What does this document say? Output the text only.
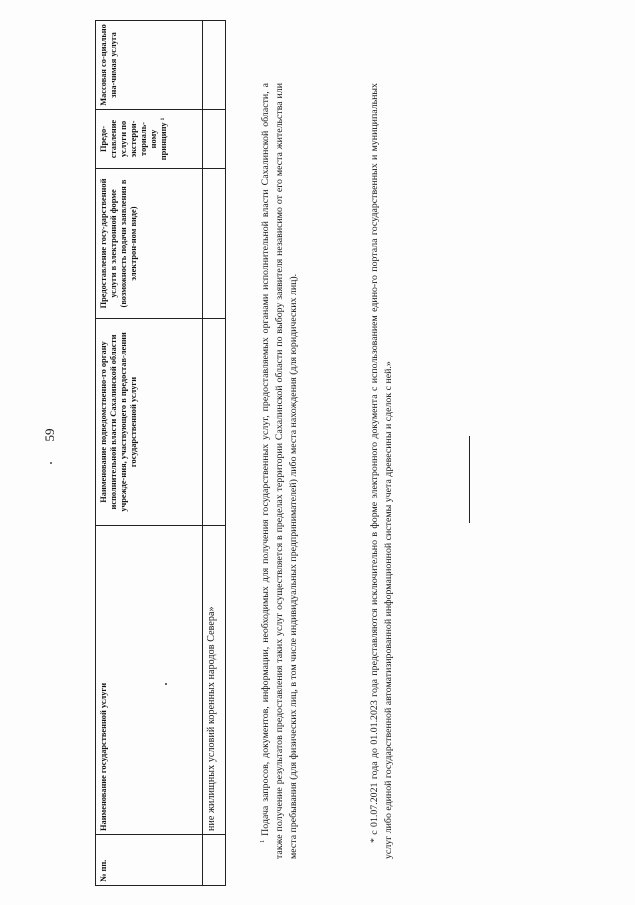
59
№ пп.	Наименование государственной услуги	Наименование подведомственно-го органу исполнительной власти Сахалинской области учрежде-ния, участвующего в предостав-лении государственной услуги	Предоставление госу-дарственной услуги в электронной форме (возможность подачи заявления в электрон-ном виде)	Предо-ставление услуги по экстерри-ториаль-ному принципу ¹	Массовая со-циально зна-чимая услуга
	ние жилищных условий коренных народов Севера»				

$^1$ Подача запросов, документов, информации, необходимых для получения государственных услуг, предоставляемых органами исполнительной власти Сахалинской области, а также получение результатов предоставления таких услуг осуществляется в пределах территории Сахалинской области по выбору заявителя независимо от его места жительства или места пребывания (для физических лиц, в том числе индивидуальных предпринимателей) либо места нахождения (для юридических лиц).	* с 01.07.2021 года до 01.01.2023 года представляются исключительно в форме электронного документа с использованием едино-го портала государственных и муниципальных услуг либо единой государственной автоматизированной информационной системы учета древесины и сделок с ней.»
